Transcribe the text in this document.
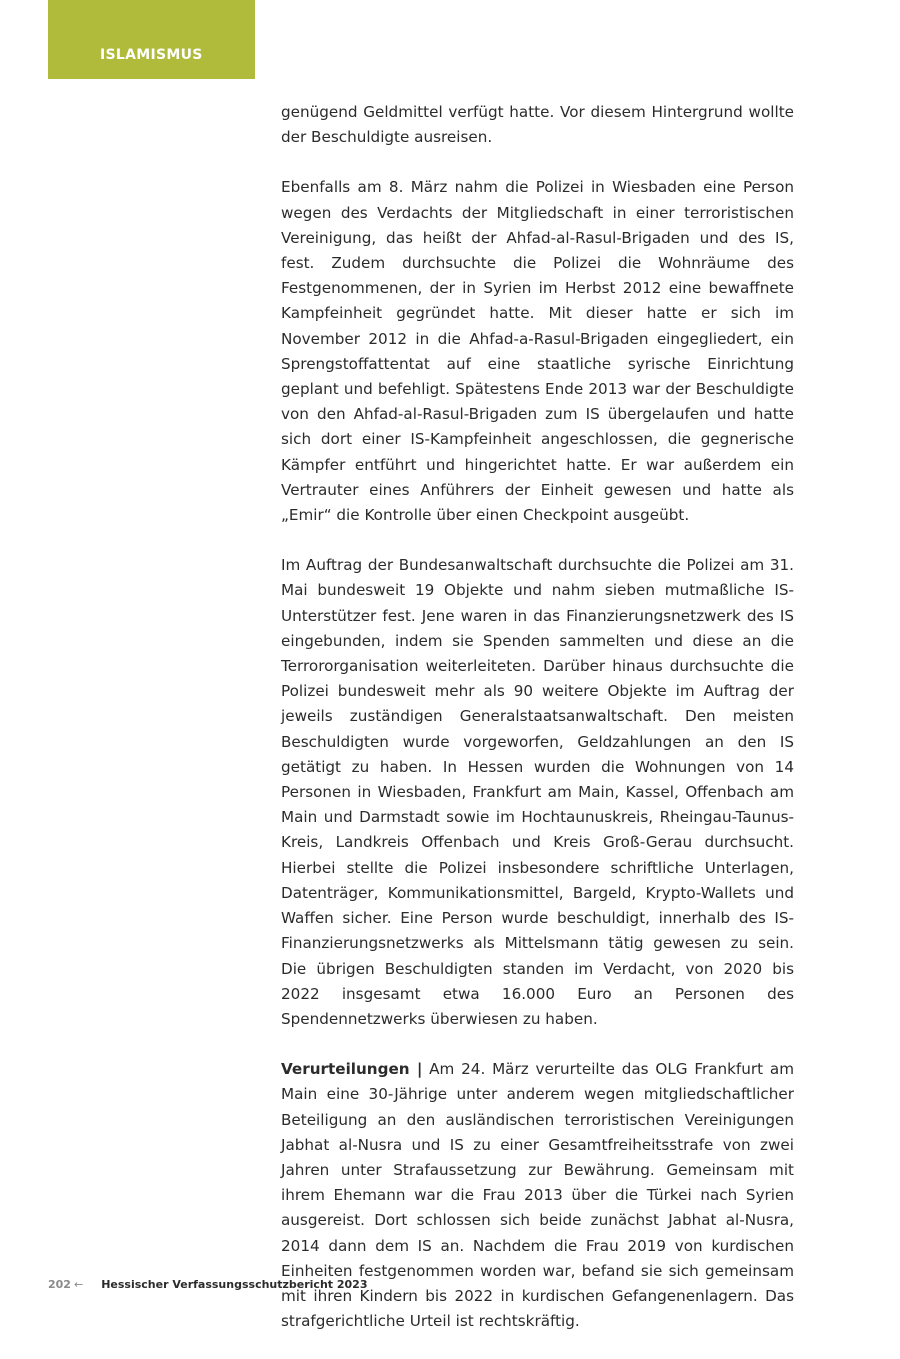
ISLAMISMUS

genügend Geldmittel verfügt hatte. Vor diesem Hintergrund wollte der Beschuldigte ausreisen.

Ebenfalls am 8. März nahm die Polizei in Wiesbaden eine Person wegen des Verdachts der Mitgliedschaft in einer terroristischen Vereinigung, das heißt der Ahfad-al-Rasul-Brigaden und des IS, fest. Zudem durchsuchte die Polizei die Wohnräume des Festgenommenen, der in Syrien im Herbst 2012 eine bewaffnete Kampfeinheit gegründet hatte. Mit dieser hatte er sich im November 2012 in die Ahfad-a-Rasul-Brigaden eingegliedert, ein Sprengstoffattentat auf eine staatliche syrische Einrichtung geplant und befehligt. Spätestens Ende 2013 war der Beschuldigte von den Ahfad-al-Rasul-Brigaden zum IS übergelaufen und hatte sich dort einer IS-Kampfeinheit angeschlossen, die gegnerische Kämpfer entführt und hingerichtet hatte. Er war außerdem ein Vertrauter eines Anführers der Einheit gewesen und hatte als „Emir“ die Kontrolle über einen Checkpoint ausgeübt.

Im Auftrag der Bundesanwaltschaft durchsuchte die Polizei am 31. Mai bundesweit 19 Objekte und nahm sieben mutmaßliche IS-Unterstützer fest. Jene waren in das Finanzierungsnetzwerk des IS eingebunden, indem sie Spenden sammelten und diese an die Terrororganisation weiterleiteten. Darüber hinaus durchsuchte die Polizei bundesweit mehr als 90 weitere Objekte im Auftrag der jeweils zuständigen Generalstaatsanwaltschaft. Den meisten Beschuldigten wurde vorgeworfen, Geldzahlungen an den IS getätigt zu haben. In Hessen wurden die Wohnungen von 14 Personen in Wiesbaden, Frankfurt am Main, Kassel, Offenbach am Main und Darmstadt sowie im Hochtaunuskreis, Rheingau-Taunus-Kreis, Landkreis Offenbach und Kreis Groß-Gerau durchsucht. Hierbei stellte die Polizei insbesondere schriftliche Unterlagen, Datenträger, Kommunikationsmittel, Bargeld, Krypto-Wallets und Waffen sicher. Eine Person wurde beschuldigt, innerhalb des IS-Finanzierungsnetzwerks als Mittelsmann tätig gewesen zu sein. Die übrigen Beschuldigten standen im Verdacht, von 2020 bis 2022 insgesamt etwa 16.000 Euro an Personen des Spendennetzwerks überwiesen zu haben.

Verurteilungen | Am 24. März verurteilte das OLG Frankfurt am Main eine 30-Jährige unter anderem wegen mitgliedschaftlicher Beteiligung an den ausländischen terroristischen Vereinigungen Jabhat al-Nusra und IS zu einer Gesamtfreiheitsstrafe von zwei Jahren unter Strafaussetzung zur Bewährung. Gemeinsam mit ihrem Ehemann war die Frau 2013 über die Türkei nach Syrien ausgereist. Dort schlossen sich beide zunächst Jabhat al-Nusra, 2014 dann dem IS an. Nachdem die Frau 2019 von kurdischen Einheiten festgenommen worden war, befand sie sich gemeinsam mit ihren Kindern bis 2022 in kurdischen Gefangenenlagern. Das strafgerichtliche Urteil ist rechtskräftig.

202 ← Hessischer Verfassungsschutzbericht 2023
